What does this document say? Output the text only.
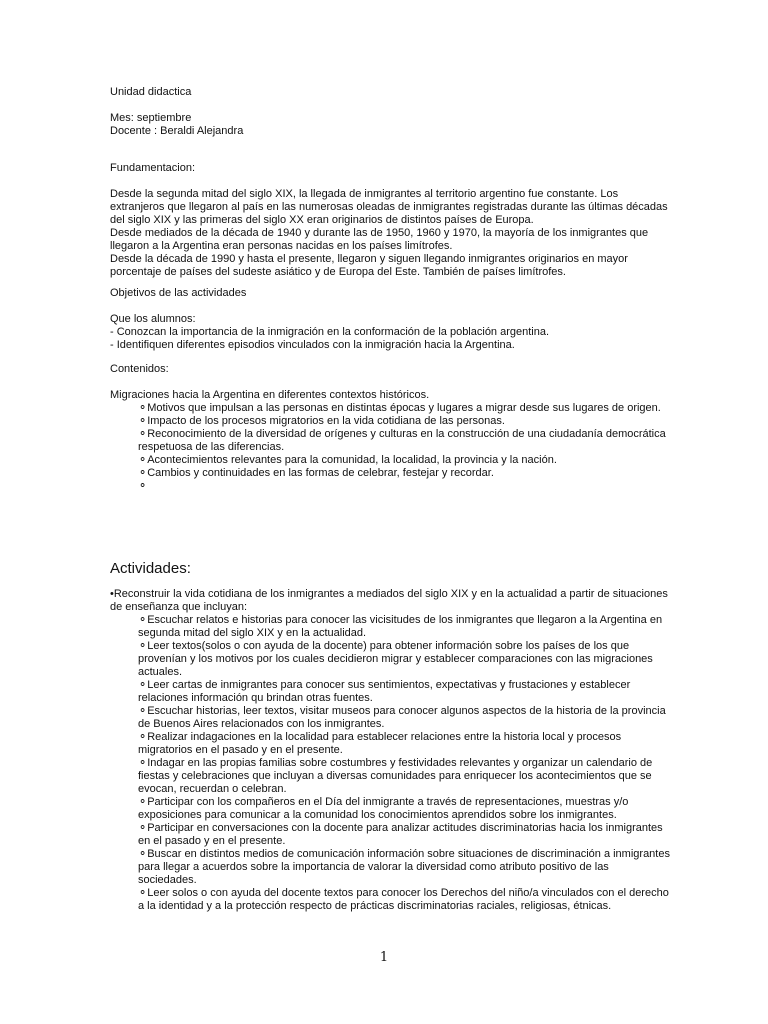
Unidad didactica

Mes: septiembre

Docente : Beraldi Alejandra

Fundamentacion:

Desde la segunda mitad del siglo XIX, la llegada de inmigrantes al territorio argentino fue constante. Los extranjeros que llegaron al país en las numerosas oleadas de inmigrantes registradas durante las últimas décadas del siglo XIX y las primeras del siglo XX eran originarios de distintos países de Europa.

Desde mediados de la década de 1940 y durante las de 1950, 1960 y 1970, la mayoría de los inmigrantes que llegaron a la Argentina eran personas nacidas en los países limítrofes.

Desde la década de 1990 y hasta el presente, llegaron y siguen llegando inmigrantes originarios en mayor porcentaje de países del sudeste asiático y de Europa del Este. También de países limítrofes.

Objetivos de las actividades

Que los alumnos:

- Conozcan la importancia de la inmigración en la conformación de la población argentina.

- Identifiquen diferentes episodios vinculados con la inmigración hacia la Argentina.

Contenidos:

Migraciones hacia la Argentina en diferentes contextos históricos.

⚬Motivos que impulsan a las personas en distintas épocas y lugares a migrar desde sus lugares de origen.

⚬Impacto de los procesos migratorios en la vida cotidiana de las personas.

⚬Reconocimiento de la diversidad de orígenes y culturas en la construcción de una ciudadanía democrática respetuosa de las diferencias.

⚬Acontecimientos relevantes para la comunidad, la localidad, la provincia y la nación.

⚬Cambios y continuidades en las formas de celebrar, festejar y recordar.

⚬

Actividades:

•Reconstruir la vida cotidiana de los inmigrantes a mediados del siglo XIX y en la actualidad a partir de situaciones de enseñanza que incluyan:

⚬Escuchar relatos e historias para conocer las vicisitudes de los inmigrantes que llegaron a la Argentina en segunda mitad del siglo XIX y en la actualidad.

⚬Leer textos(solos o con ayuda de la docente) para obtener información sobre los países de los que provenían y los motivos por los cuales decidieron migrar y establecer comparaciones con las migraciones actuales.

⚬Leer cartas de inmigrantes para conocer sus sentimientos, expectativas y frustaciones y establecer relaciones información qu brindan otras fuentes.

⚬Escuchar historias, leer textos, visitar museos para conocer algunos aspectos de la historia de la provincia de Buenos Aires relacionados con los inmigrantes.

⚬Realizar indagaciones en la localidad para establecer relaciones entre la historia local y procesos migratorios en el pasado y en el presente.

⚬Indagar en las propias familias sobre costumbres y festividades relevantes y organizar un calendario de fiestas y celebraciones que incluyan a diversas comunidades para enriquecer los acontecimientos que se evocan, recuerdan o celebran.

⚬Participar con los compañeros en el Día del inmigrante a través de representaciones, muestras y/o exposiciones para comunicar a la comunidad los conocimientos aprendidos sobre los inmigrantes.

⚬Participar en conversaciones con la docente para analizar actitudes discriminatorias hacia los inmigrantes en el pasado y en el presente.

⚬Buscar en distintos medios de comunicación información sobre situaciones de discriminación a inmigrantes para llegar a acuerdos sobre la importancia de valorar la diversidad como atributo positivo de las sociedades.

⚬Leer solos o con ayuda del docente textos para conocer los Derechos del niño/a vinculados con el derecho a la identidad y a la protección respecto de prácticas discriminatorias raciales, religiosas, étnicas.

1
